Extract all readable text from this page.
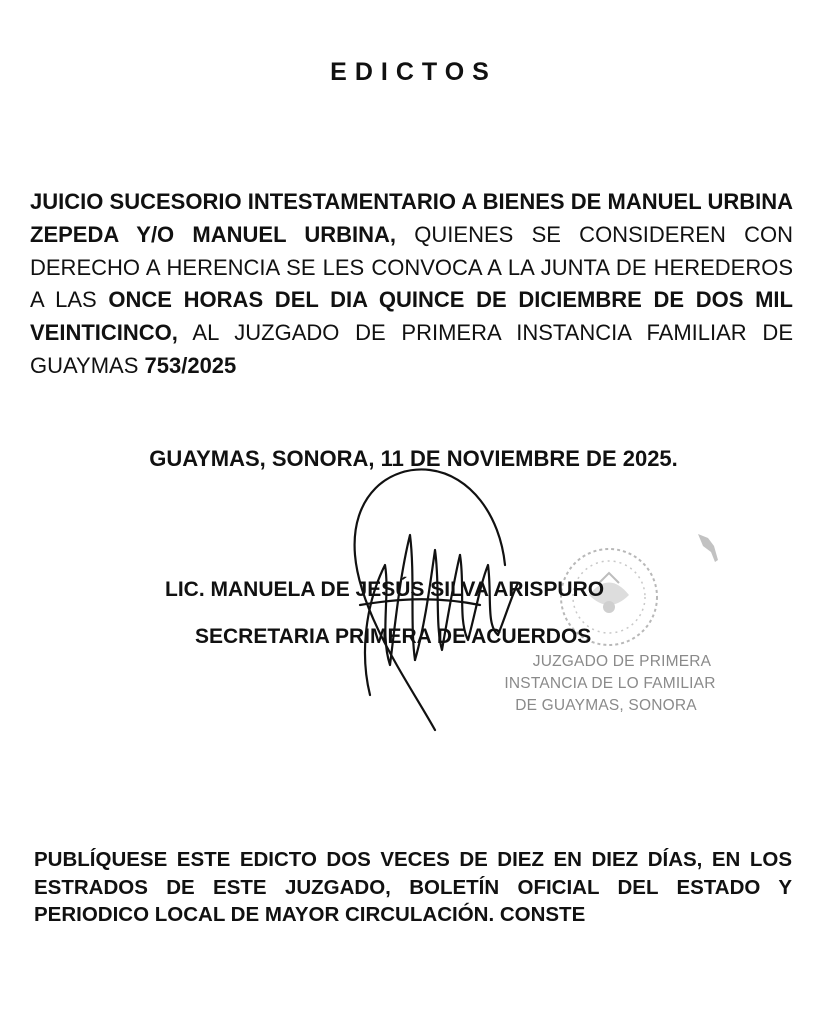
EDICTOS

JUICIO SUCESORIO INTESTAMENTARIO A BIENES DE MANUEL URBINA ZEPEDA Y/O MANUEL URBINA, QUIENES SE CONSIDEREN CON DERECHO A HERENCIA SE LES CONVOCA A LA JUNTA DE HEREDEROS A LAS ONCE HORAS DEL DIA QUINCE DE DICIEMBRE DE DOS MIL VEINTICINCO, AL JUZGADO DE PRIMERA INSTANCIA FAMILIAR DE GUAYMAS 753/2025

GUAYMAS, SONORA, 11 DE NOVIEMBRE DE 2025.

JUZGADO DE PRIMERA
INSTANCIA DE LO FAMILIAR
DE GUAYMAS, SONORA

LIC. MANUELA DE JESÚS SILVA ARISPURO

SECRETARIA PRIMERA DE ACUERDOS

PUBLÍQUESE ESTE EDICTO DOS VECES DE DIEZ EN DIEZ DÍAS, EN LOS ESTRADOS DE ESTE JUZGADO, BOLETÍN OFICIAL DEL ESTADO Y PERIODICO LOCAL DE MAYOR CIRCULACIÓN. CONSTE
